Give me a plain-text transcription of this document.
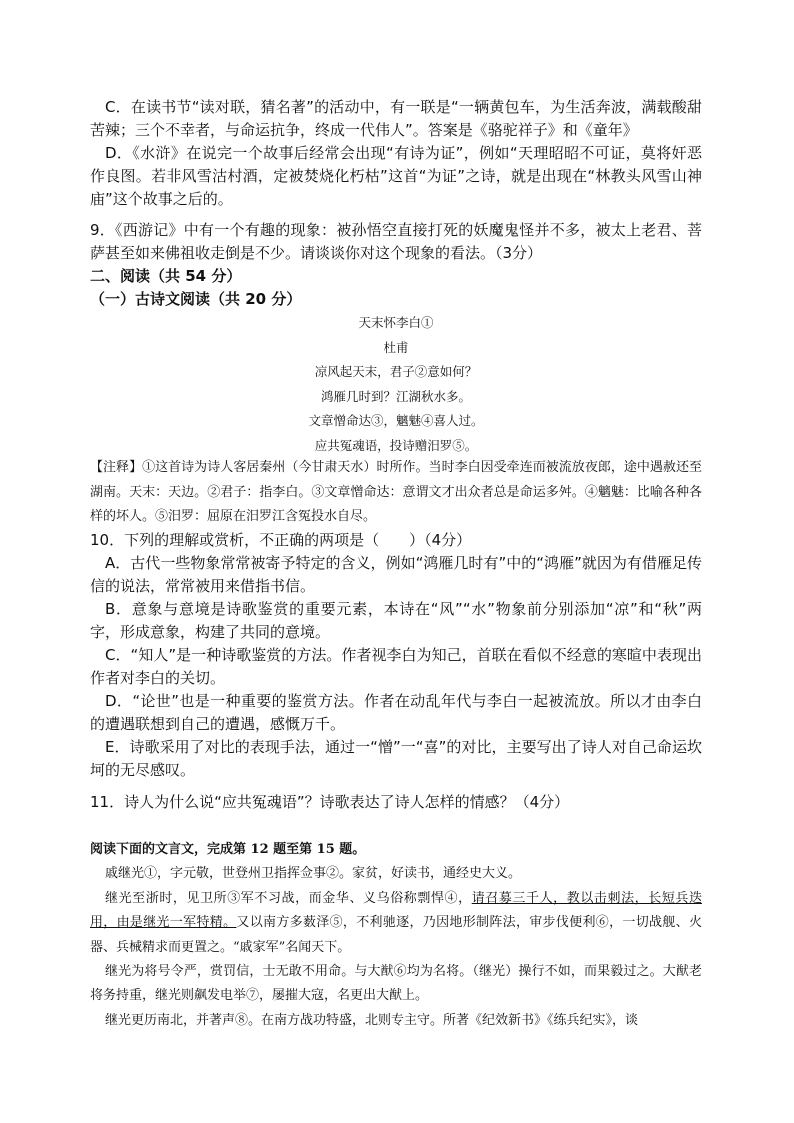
C．在读书节“读对联，猜名著”的活动中，有一联是“一辆黄包车，为生活奔波，满载酸甜苦辣；三个不幸者，与命运抗争，终成一代伟人”。答案是《骆驼祥子》和《童年》

D．《水浒》在说完一个故事后经常会出现“有诗为证”，例如“天理昭昭不可证，莫将奸恶作良图。若非风雪沽村酒，定被焚烧化朽枯”这首“为证”之诗，就是出现在“林教头风雪山神庙”这个故事之后的。

9．《西游记》中有一个有趣的现象：被孙悟空直接打死的妖魔鬼怪并不多，被太上老君、菩萨甚至如来佛祖收走倒是不少。请谈谈你对这个现象的看法。（3分）

二、阅读（共 54 分）

（一）古诗文阅读（共 20 分）

天末怀李白①

杜甫

凉风起天末，君子②意如何？

鸿雁几时到？江湖秋水多。

文章憎命达③，魑魅④喜人过。

应共冤魂语，投诗赠汨罗⑤。

【注释】①这首诗为诗人客居秦州（今甘肃天水）时所作。当时李白因受牵连而被流放夜郎，途中遇赦还至湖南。天末：天边。②君子：指李白。③文章憎命达：意谓文才出众者总是命运多舛。④魑魅：比喻各种各样的坏人。⑤汨罗：屈原在汨罗江含冤投水自尽。

10．下列的理解或赏析，不正确的两项是（　　）（4分）

A．古代一些物象常常被寄予特定的含义，例如“鸿雁几时有”中的“鸿雁”就因为有借雁足传信的说法，常常被用来借指书信。

B．意象与意境是诗歌鉴赏的重要元素，本诗在“风”“水”物象前分别添加“凉”和“秋”两字，形成意象，构建了共同的意境。

C．“知人”是一种诗歌鉴赏的方法。作者视李白为知己，首联在看似不经意的寒暄中表现出作者对李白的关切。

D．“论世”也是一种重要的鉴赏方法。作者在动乱年代与李白一起被流放。所以才由李白的遭遇联想到自己的遭遇，感慨万千。

E．诗歌采用了对比的表现手法，通过一“憎”一“喜”的对比，主要写出了诗人对自己命运坎坷的无尽感叹。

11．诗人为什么说“应共冤魂语”？诗歌表达了诗人怎样的情感？（4分）

阅读下面的文言文，完成第 12 题至第 15 题。

戚继光①，字元敬，世登州卫指挥佥事②。家贫，好读书，通经史大义。

继光至浙时，见卫所③军不习战，而金华、义乌俗称剽悍④，请召募三千人，教以击刺法，长短兵迭用，由是继光一军特精。又以南方多薮泽⑤，不利驰逐，乃因地形制阵法，审步伐便利⑥，一切战舰、火器、兵械精求而更置之。“戚家军”名闻天下。

继光为将号令严，赏罚信，士无敢不用命。与大猷⑥均为名将。（继光）操行不如，而果毅过之。大猷老将务持重，继光则飙发电举⑦，屡摧大寇，名更出大猷上。

继光更历南北，并著声⑧。在南方战功特盛，北则专主守。所著《纪效新书》《练兵纪实》，谈
